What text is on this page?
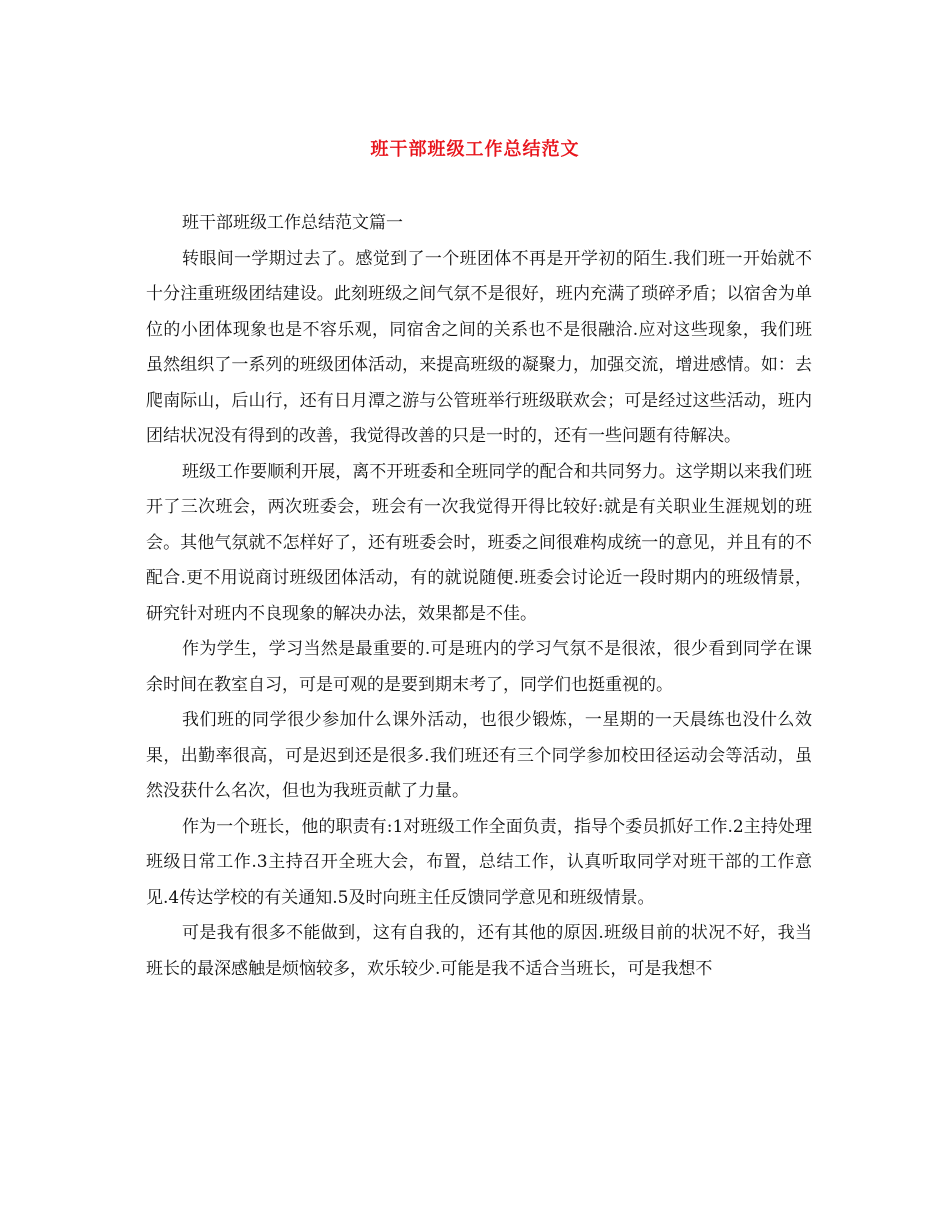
班干部班级工作总结范文

班干部班级工作总结范文篇一

转眼间一学期过去了。感觉到了一个班团体不再是开学初的陌生.我们班一开始就不十分注重班级团结建设。此刻班级之间气氛不是很好，班内充满了琐碎矛盾；以宿舍为单位的小团体现象也是不容乐观，同宿舍之间的关系也不是很融洽.应对这些现象，我们班虽然组织了一系列的班级团体活动，来提高班级的凝聚力，加强交流，增进感情。如：去爬南际山，后山行，还有日月潭之游与公管班举行班级联欢会；可是经过这些活动，班内团结状况没有得到的改善，我觉得改善的只是一时的，还有一些问题有待解决。

班级工作要顺利开展，离不开班委和全班同学的配合和共同努力。这学期以来我们班开了三次班会，两次班委会，班会有一次我觉得开得比较好:就是有关职业生涯规划的班会。其他气氛就不怎样好了，还有班委会时，班委之间很难构成统一的意见，并且有的不配合.更不用说商讨班级团体活动，有的就说随便.班委会讨论近一段时期内的班级情景，研究针对班内不良现象的解决办法，效果都是不佳。

作为学生，学习当然是最重要的.可是班内的学习气氛不是很浓，很少看到同学在课余时间在教室自习，可是可观的是要到期末考了，同学们也挺重视的。

我们班的同学很少参加什么课外活动，也很少锻炼，一星期的一天晨练也没什么效果，出勤率很高，可是迟到还是很多.我们班还有三个同学参加校田径运动会等活动，虽然没获什么名次，但也为我班贡献了力量。

作为一个班长，他的职责有:1对班级工作全面负责，指导个委员抓好工作.2主持处理班级日常工作.3主持召开全班大会，布置，总结工作，认真听取同学对班干部的工作意见.4传达学校的有关通知.5及时向班主任反馈同学意见和班级情景。

可是我有很多不能做到，这有自我的，还有其他的原因.班级目前的状况不好，我当班长的最深感触是烦恼较多，欢乐较少.可能是我不适合当班长，可是我想不
